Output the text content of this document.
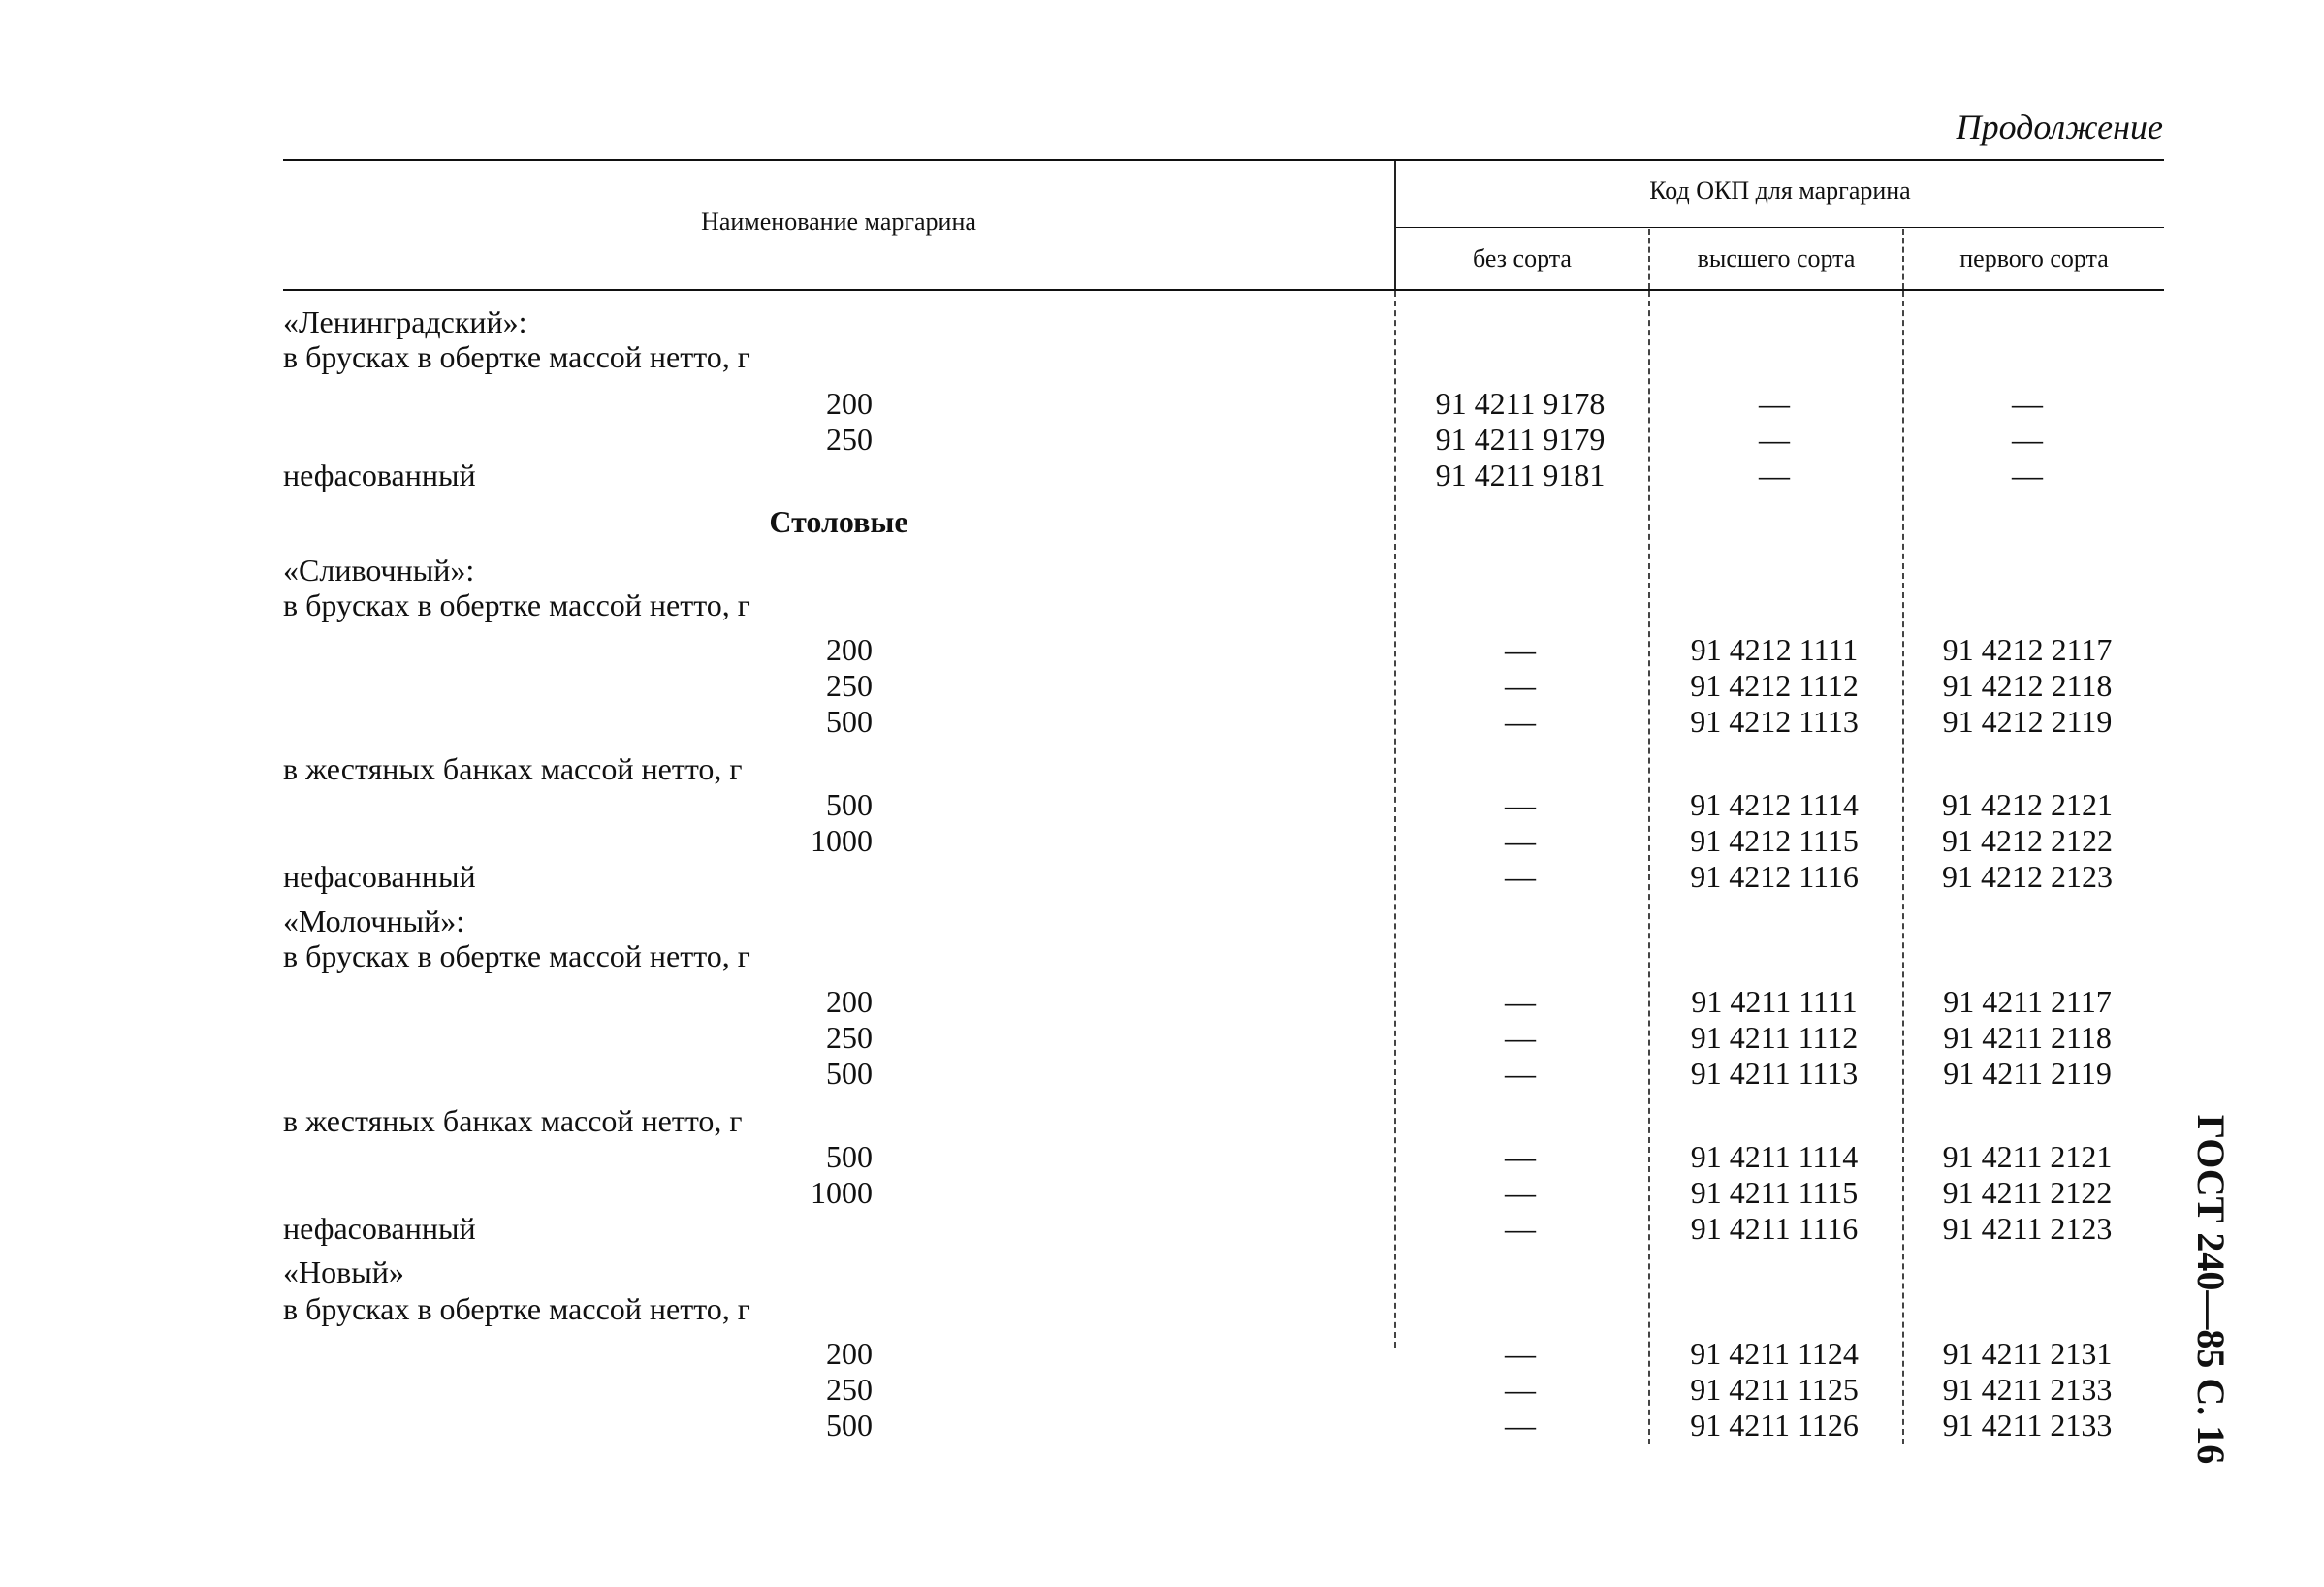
Продолжение
Наименование маргарина
Код ОКП для маргарина
без сорта	высшего сорта	первого сорта
«Ленинградский»:
в брусках в обертке массой нетто, г
200	91 4211 9178	—	—
250	91 4211 9179	—	—
нефасованный	91 4211 9181	—	—
Столовые
«Сливочный»:
в брусках в обертке массой нетто, г
200	—	91 4212 1111	91 4212 2117
250	—	91 4212 1112	91 4212 2118
500	—	91 4212 1113	91 4212 2119
в жестяных банках массой нетто, г
500	—	91 4212 1114	91 4212 2121
1000	—	91 4212 1115	91 4212 2122
нефасованный	—	91 4212 1116	91 4212 2123
«Молочный»:
в брусках в обертке массой нетто, г
200	—	91 4211 1111	91 4211 2117
250	—	91 4211 1112	91 4211 2118
500	—	91 4211 1113	91 4211 2119
в жестяных банках массой нетто, г
500	—	91 4211 1114	91 4211 2121
1000	—	91 4211 1115	91 4211 2122
нефасованный	—	91 4211 1116	91 4211 2123
«Новый»
в брусках в обертке массой нетто, г
200	—	91 4211 1124	91 4211 2131
250	—	91 4211 1125	91 4211 2133
500	—	91 4211 1126	91 4211 2133	ГОСТ 240—85 С. 16
